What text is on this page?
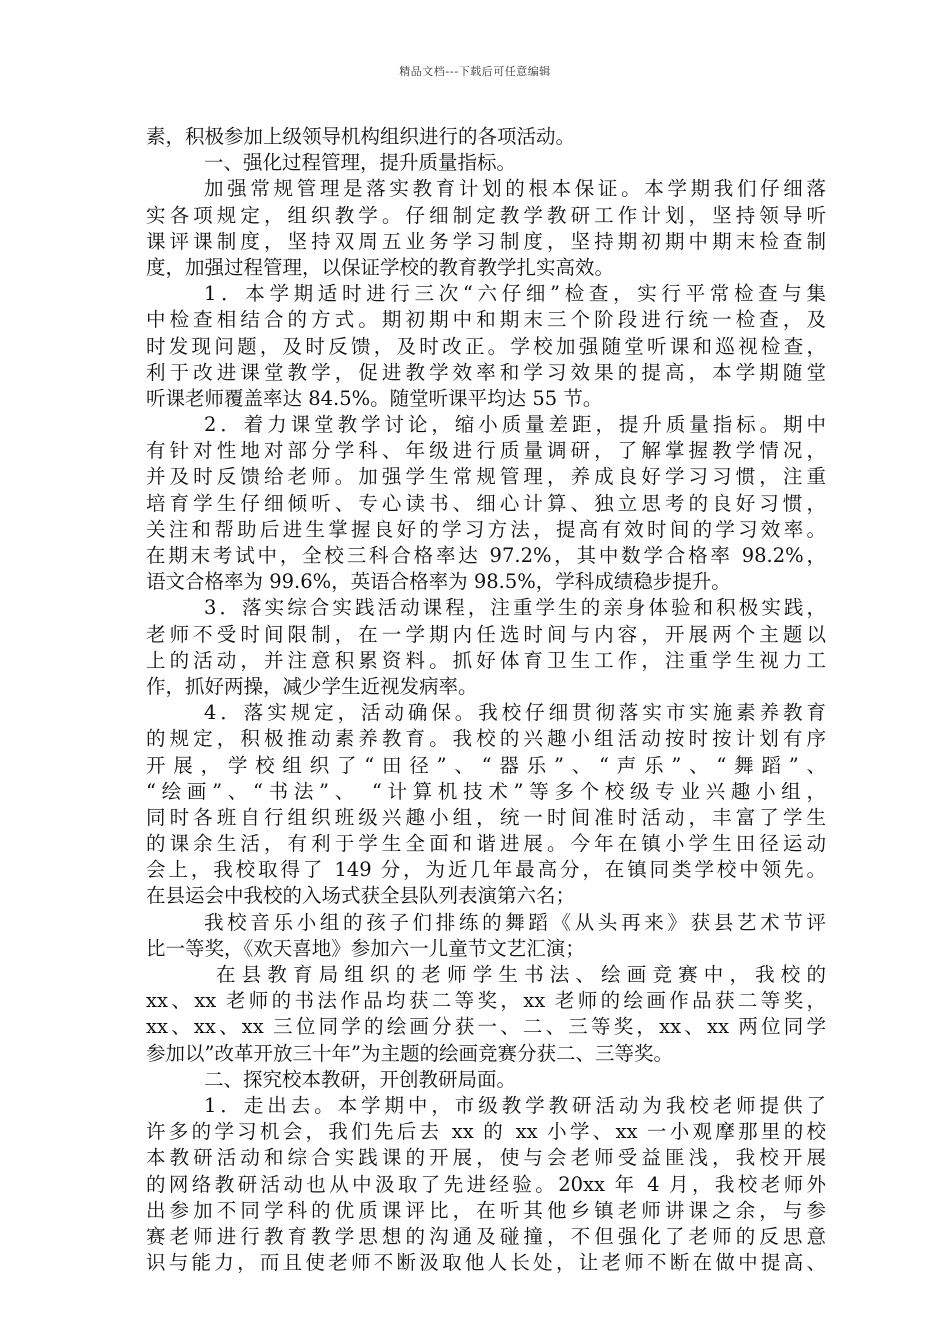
精品文档---下载后可任意编辑
素，积极参加上级领导机构组织进行的各项活动。
一、强化过程管理，提升质量指标。
加强常规管理是落实教育计划的根本保证。本学期我们仔细落
实各项规定，组织教学。仔细制定教学教研工作计划，坚持领导听
课评课制度，坚持双周五业务学习制度，坚持期初期中期末检查制
度，加强过程管理，以保证学校的教育教学扎实高效。
1．本学期适时进行三次“六仔细”检查，实行平常检查与集
中检查相结合的方式。期初期中和期末三个阶段进行统一检查，及
时发现问题，及时反馈，及时改正。学校加强随堂听课和巡视检查，
利于改进课堂教学，促进教学效率和学习效果的提高，本学期随堂
听课老师覆盖率达 84.5%。随堂听课平均达 55 节。
2．着力课堂教学讨论，缩小质量差距，提升质量指标。期中
有针对性地对部分学科、年级进行质量调研，了解掌握教学情况，
并及时反馈给老师。加强学生常规管理，养成良好学习习惯，注重
培育学生仔细倾听、专心读书、细心计算、独立思考的良好习惯，
关注和帮助后进生掌握良好的学习方法，提高有效时间的学习效率。
在期末考试中，全校三科合格率达 97.2%，其中数学合格率 98.2%，
语文合格率为 99.6%，英语合格率为 98.5%，学科成绩稳步提升。
3．落实综合实践活动课程，注重学生的亲身体验和积极实践，
老师不受时间限制，在一学期内任选时间与内容，开展两个主题以
上的活动，并注意积累资料。抓好体育卫生工作，注重学生视力工
作，抓好两操，减少学生近视发病率。
4．落实规定，活动确保。我校仔细贯彻落实市实施素养教育
的规定，积极推动素养教育。我校的兴趣小组活动按时按计划有序
开展，学校组织了“田径”、“器乐”、“声乐”、“舞蹈”、
“绘画”、“书法”、 “计算机技术”等多个校级专业兴趣小组，
同时各班自行组织班级兴趣小组，统一时间准时活动，丰富了学生
的课余生活，有利于学生全面和谐进展。今年在镇小学生田径运动
会上，我校取得了 149 分，为近几年最高分，在镇同类学校中领先。
在县运会中我校的入场式获全县队列表演第六名；
我校音乐小组的孩子们排练的舞蹈《从头再来》获县艺术节评
比一等奖，《欢天喜地》参加六一儿童节文艺汇演；
在县教育局组织的老师学生书法、绘画竞赛中，我校的
xx、xx 老师的书法作品均获二等奖，xx 老师的绘画作品获二等奖，
xx、xx、xx 三位同学的绘画分获一、二、三等奖，xx、xx 两位同学
参加以”改革开放三十年”为主题的绘画竞赛分获二、三等奖。
二、探究校本教研，开创教研局面。
1．走出去。本学期中，市级教学教研活动为我校老师提供了
许多的学习机会，我们先后去 xx 的 xx 小学、xx 一小观摩那里的校
本教研活动和综合实践课的开展，使与会老师受益匪浅，我校开展
的网络教研活动也从中汲取了先进经验。20xx 年 4 月，我校老师外
出参加不同学科的优质课评比，在听其他乡镇老师讲课之余，与参
赛老师进行教育教学思想的沟通及碰撞，不但强化了老师的反思意
识与能力，而且使老师不断汲取他人长处，让老师不断在做中提高、
